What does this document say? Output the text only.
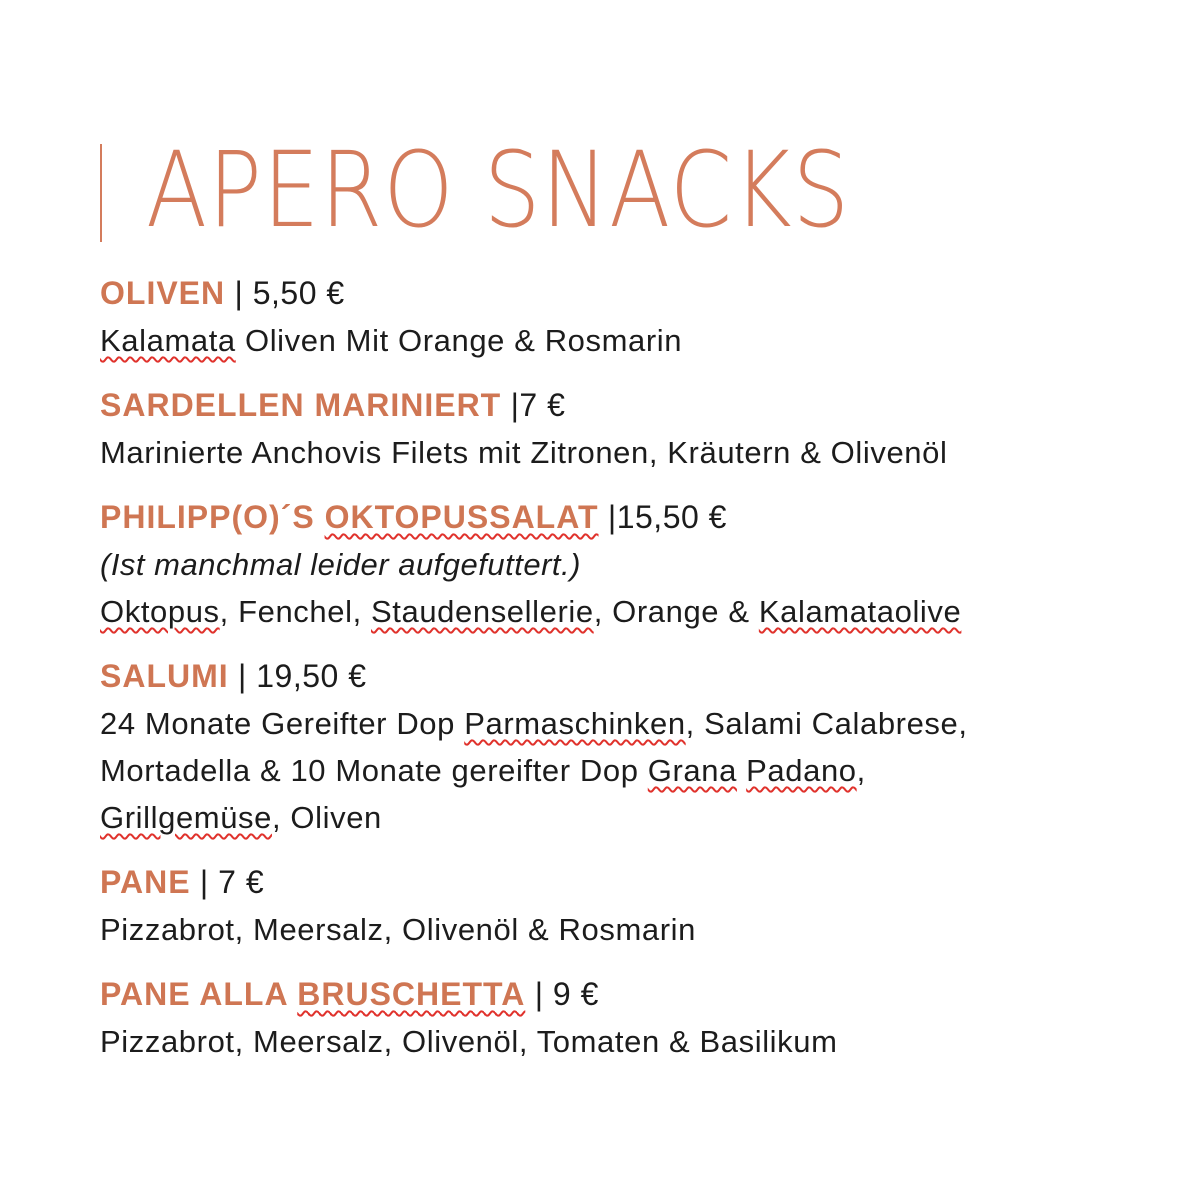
APERO SNACKS
OLIVEN | 5,50 €
Kalamata Oliven Mit Orange & Rosmarin
SARDELLEN MARINIERT |7 €
Marinierte Anchovis Filets mit Zitronen, Kräutern & Olivenöl
PHILIPP(O)´S OKTOPUSSALAT |15,50 €
(Ist manchmal leider aufgefuttert.)
Oktopus, Fenchel, Staudensellerie, Orange & Kalamataolive
SALUMI | 19,50 €
24 Monate Gereifter Dop Parmaschinken, Salami Calabrese,
Mortadella & 10 Monate gereifter Dop Grana Padano,
Grillgemüse, Oliven
PANE | 7 €
Pizzabrot, Meersalz, Olivenöl & Rosmarin
PANE ALLA BRUSCHETTA | 9 €
Pizzabrot, Meersalz, Olivenöl, Tomaten & Basilikum
